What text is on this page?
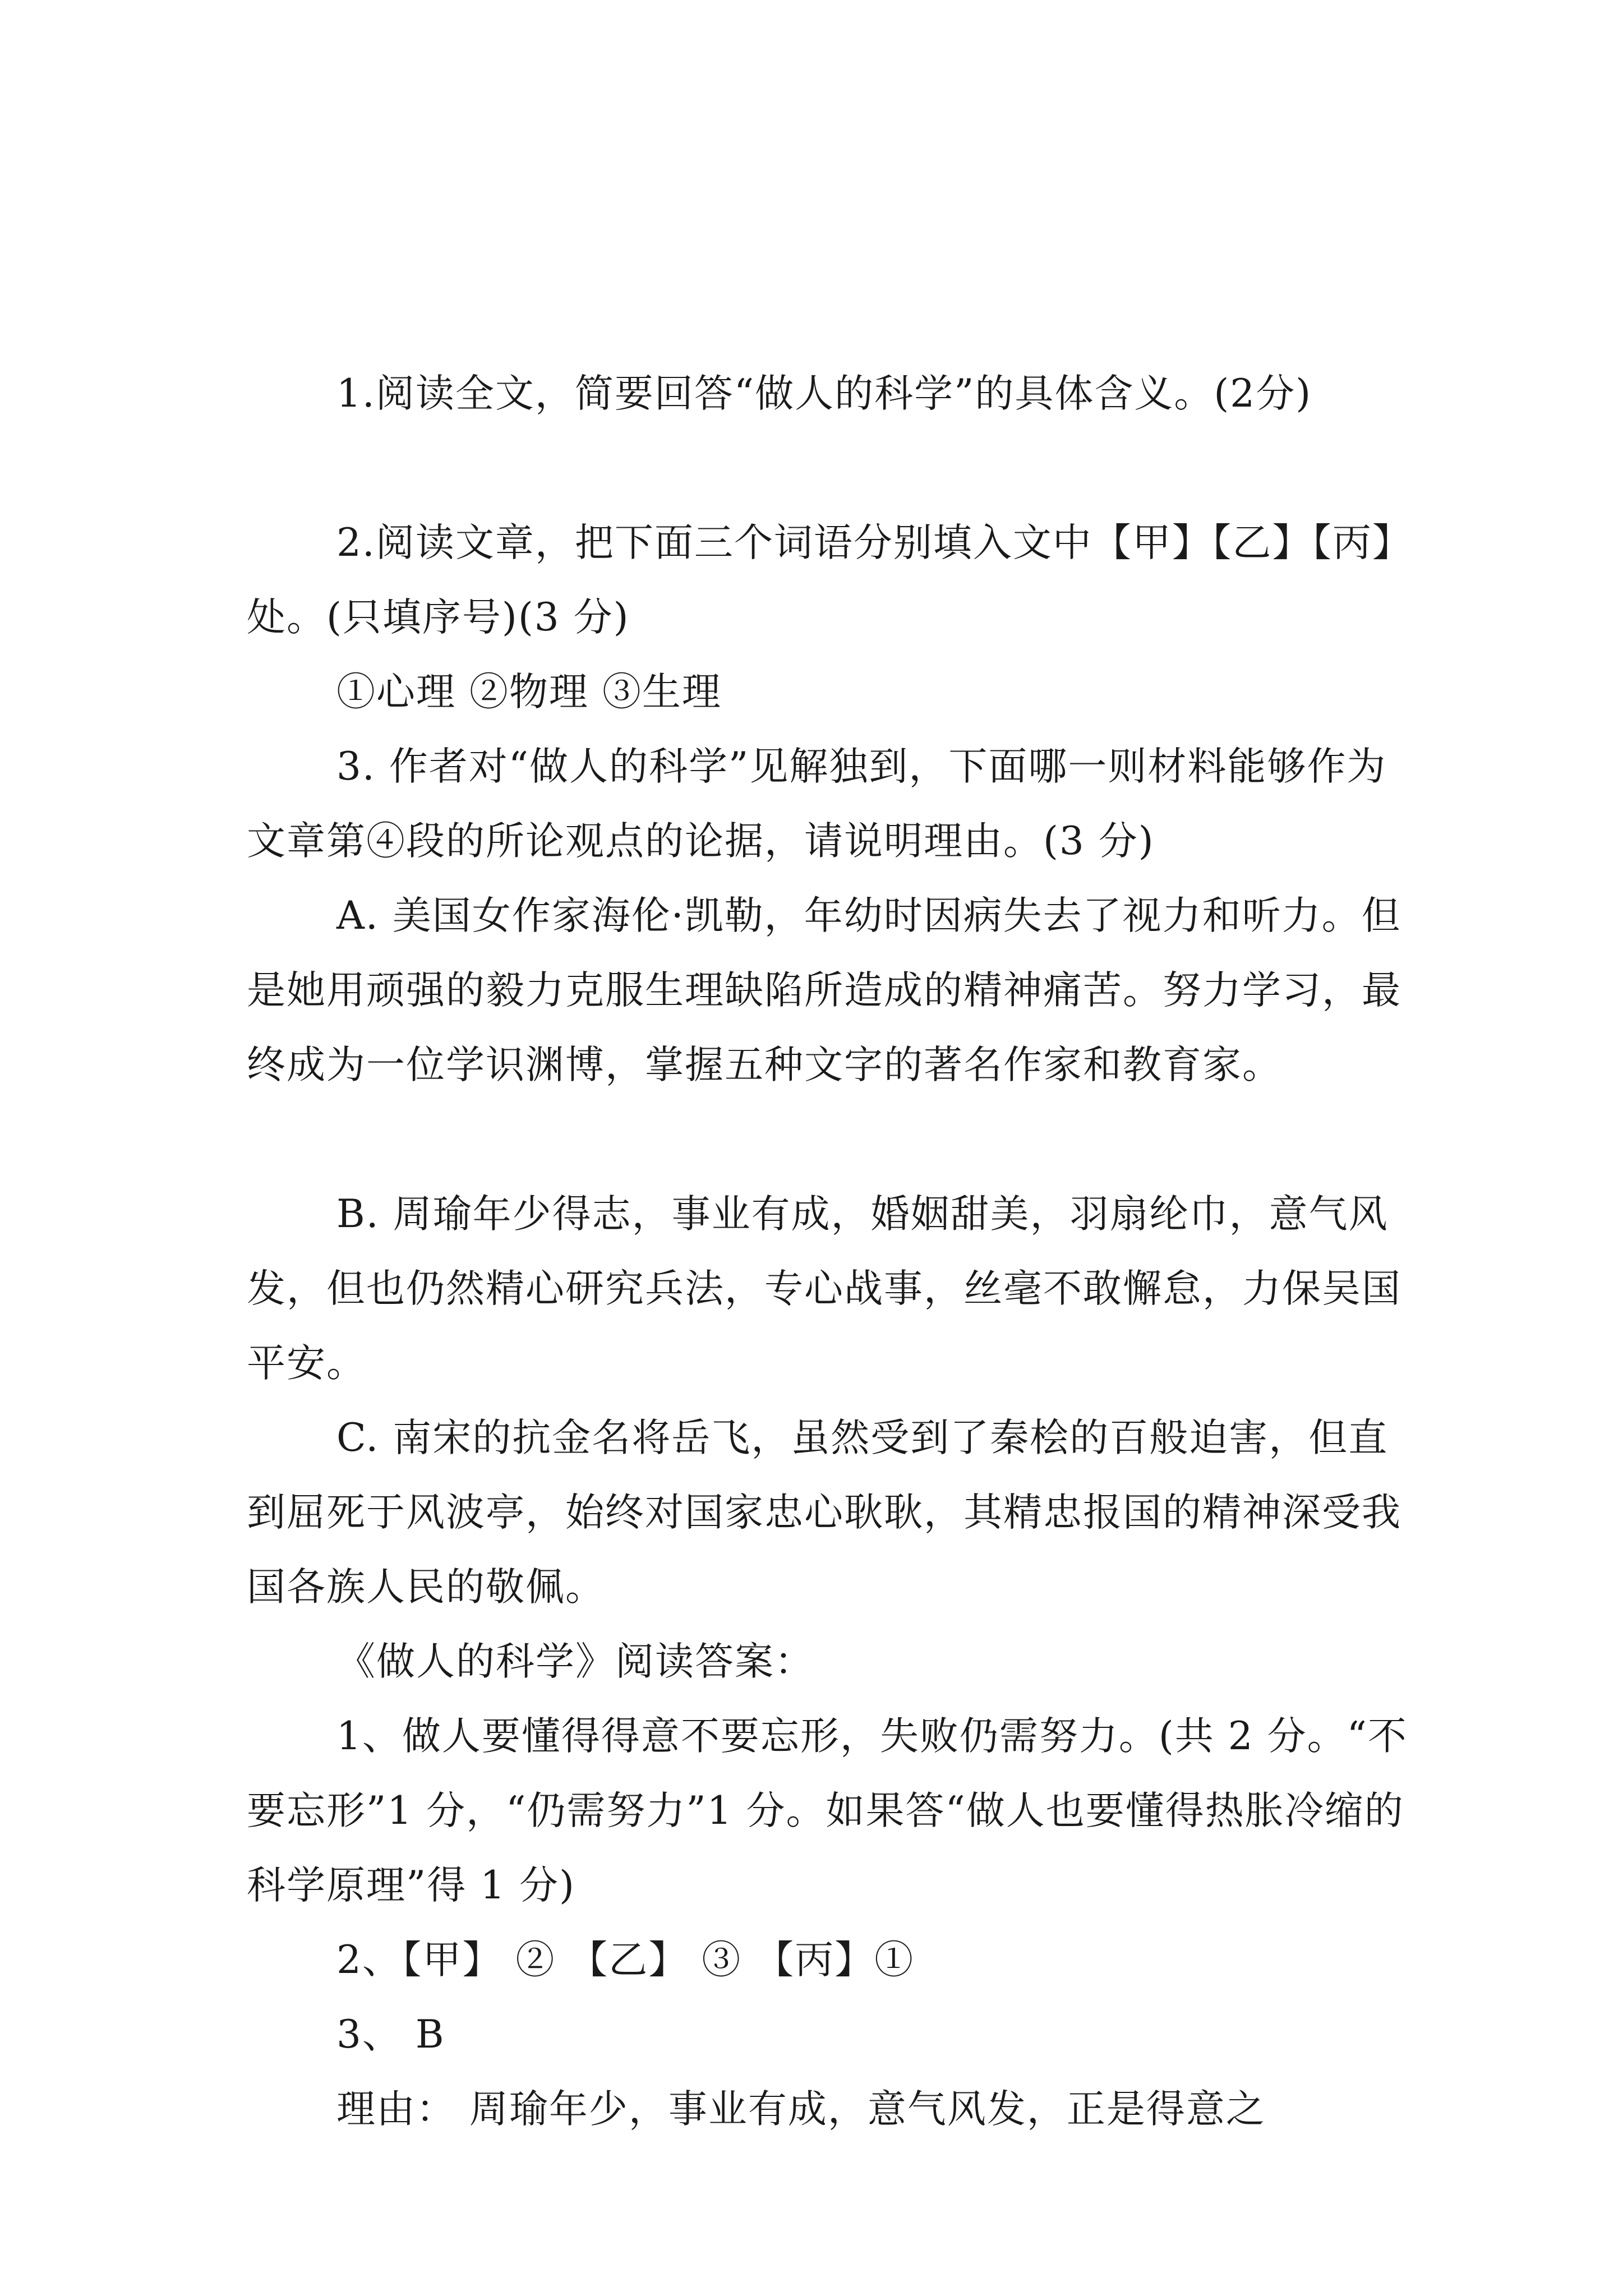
1.阅读全文，简要回答“做人的科学”的具体含义。(2分)

2.阅读文章，把下面三个词语分别填入文中【甲】【乙】【丙】处。(只填序号)(3 分)

①心理 ②物理 ③生理

3. 作者对“做人的科学”见解独到，下面哪一则材料能够作为文章第④段的所论观点的论据，请说明理由。(3 分)

A. 美国女作家海伦·凯勒，年幼时因病失去了视力和听力。但是她用顽强的毅力克服生理缺陷所造成的精神痛苦。努力学习，最终成为一位学识渊博，掌握五种文字的著名作家和教育家。

B. 周瑜年少得志，事业有成，婚姻甜美，羽扇纶巾，意气风发，但也仍然精心研究兵法，专心战事，丝毫不敢懈怠，力保吴国平安。

C. 南宋的抗金名将岳飞，虽然受到了秦桧的百般迫害，但直到屈死于风波亭，始终对国家忠心耿耿，其精忠报国的精神深受我国各族人民的敬佩。

《做人的科学》阅读答案：

1、做人要懂得得意不要忘形，失败仍需努力。(共 2 分。“不要忘形”1 分，“仍需努力”1 分。如果答“做人也要懂得热胀冷缩的科学原理”得 1 分)

2、【甲】 ② 【乙】 ③ 【丙】①

3、 B

理由： 周瑜年少，事业有成，意气风发，正是得意之
